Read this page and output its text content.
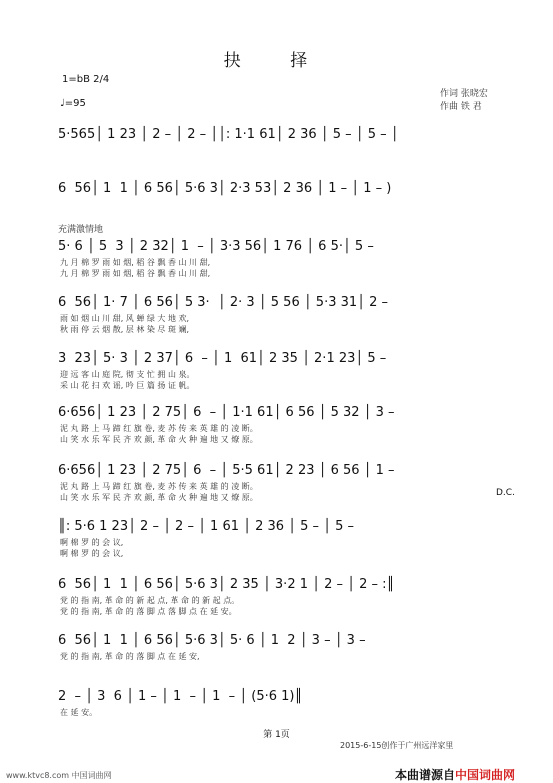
抉 择
1=bB 2/4
♩=95
作词 张晓宏
作曲 铁 君
充满激情地
D.C.
5·565│ 1 23 │ 2 – │ 2 – ││: 1·1 61│ 2 36 │ 5 – │ 5 – │
6  56│ 1  1 │ 6 56│ 5·6 3│ 2·3 53│ 2 36 │ 1 – │ 1 – )
5· 6 │ 5  3 │ 2 32│ 1  – │ 3·3 56│ 1 76 │ 6 5·│ 5 –
九 月 棉 罗 雨 如 烟, 稻 谷 飘 香 山 川 甜,
九 月 棉 罗 雨 如 烟, 稻 谷 飘 香 山 川 甜,
6  56│ 1· 7 │ 6 56│ 5 3·  │ 2· 3 │ 5 56 │ 5·3 31│ 2 –
雨 如 烟 山 川 甜, 风 蝉 绿 大 地 欢,
秋 雨 停 云 烟 散, 层 林 染 尽 斑 斓,
3  23│ 5· 3 │ 2 37│ 6  – │ 1  61│ 2 35 │ 2·1 23│ 5 –
迎 远 客 山 庭 院, 彻 支 忙 拥 山 泉。
采 山 花 扫 欢 谣, 吟 巨 篇 扬 证 帆。
6·656│ 1 23 │ 2 75│ 6  – │ 1·1 61│ 6 56 │ 5 32 │ 3 –
泥 丸 路 上 马 蹄 红 旗 卷, 麦 苏 传 来 英 雄 的 凌 断。
山 笑 水 乐 军 民 齐 欢 颜, 革 命 火 种 遍 地 又 燎 原。
6·656│ 1 23 │ 2 75│ 6  – │ 5·5 61│ 2 23 │ 6 56 │ 1 –
泥 丸 路 上 马 蹄 红 旗 卷, 麦 苏 传 来 英 雄 的 凌 断。
山 笑 水 乐 军 民 齐 欢 颜, 革 命 火 种 遍 地 又 燎 原。
║: 5·6 1 23│ 2 – │ 2 – │ 1 61 │ 2 36 │ 5 – │ 5 –
啊 棉 罗 的 会 议,
啊 棉 罗 的 会 议,
6  56│ 1  1 │ 6 56│ 5·6 3│ 2 35 │ 3·2 1 │ 2 – │ 2 – :║
党 的 指 南, 革 命 的 新 起 点, 革 命 的 新 起 点。
党 的 指 南, 革 命 的 落 脚 点 落 脚 点 在 延 安。
6  56│ 1  1 │ 6 56│ 5·6 3│ 5· 6 │ 1  2 │ 3 – │ 3 –
党 的 指 南, 革 命 的 落 脚 点 在 延 安,
2  – │ 3  6 │ 1 – │ 1  – │ 1  – │ (5·6 1)║
在 延 安。
第 1页
2015-6-15创作于广州远洋家里
www.ktvc8.com 中国词曲网	本曲谱源自中国词曲网
